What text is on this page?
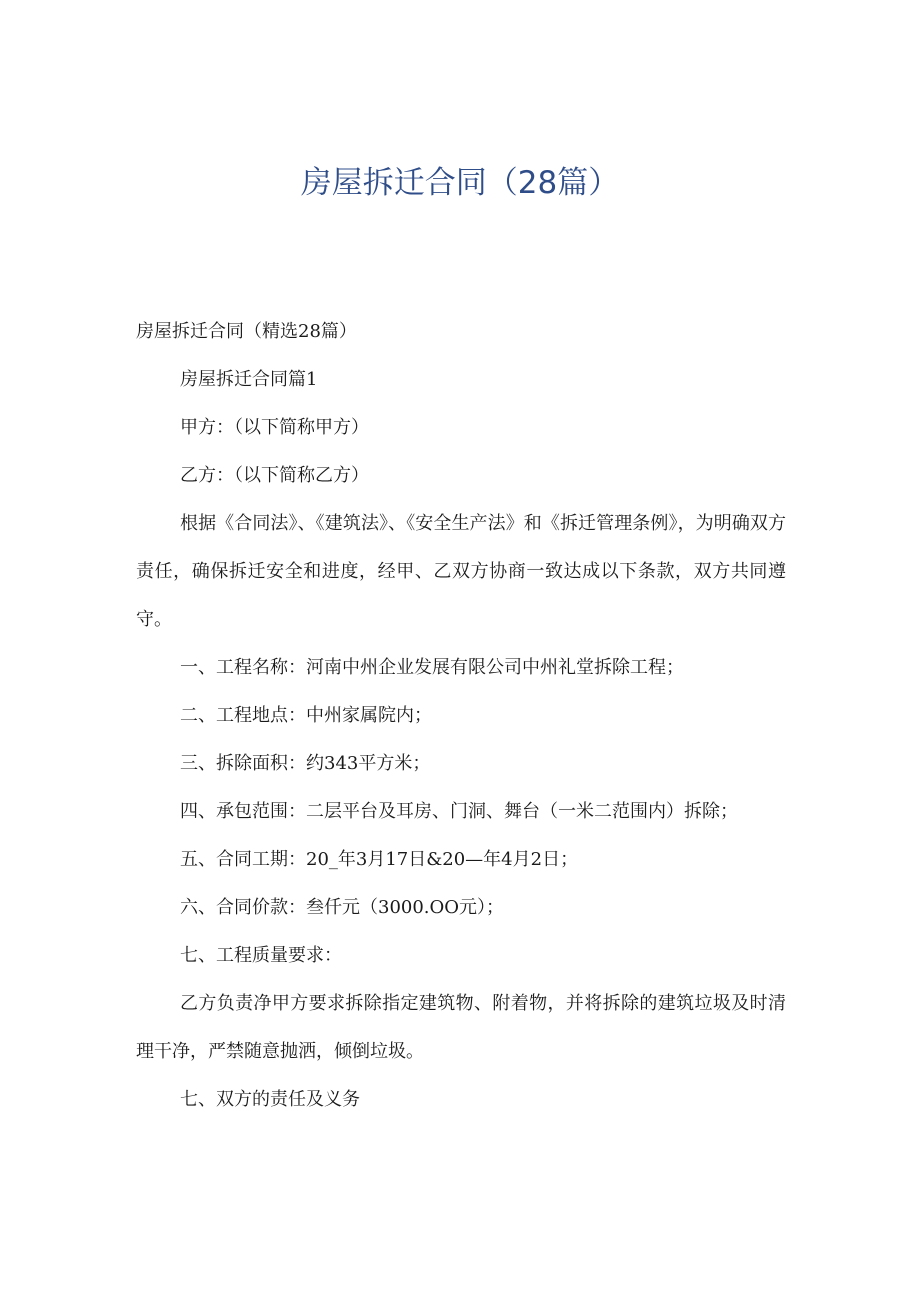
房屋拆迁合同（28篇）

房屋拆迁合同（精选28篇）

房屋拆迁合同篇1

甲方：（以下简称甲方）

乙方：（以下简称乙方）

根据《合同法》、《建筑法》、《安全生产法》和《拆迁管理条例》，为明确双方责任，确保拆迁安全和进度，经甲、乙双方协商一致达成以下条款，双方共同遵守。

一、工程名称：河南中州企业发展有限公司中州礼堂拆除工程；

二、工程地点：中州家属院内；

三、拆除面积：约343平方米；

四、承包范围：二层平台及耳房、门洞、舞台（一米二范围内）拆除；

五、合同工期：20_年3月17日&20—年4月2日；

六、合同价款：叁仟元（3000.OO元）；

七、工程质量要求：

乙方负责净甲方要求拆除指定建筑物、附着物，并将拆除的建筑垃圾及时清理干净，严禁随意抛洒，倾倒垃圾。

七、双方的责任及义务
